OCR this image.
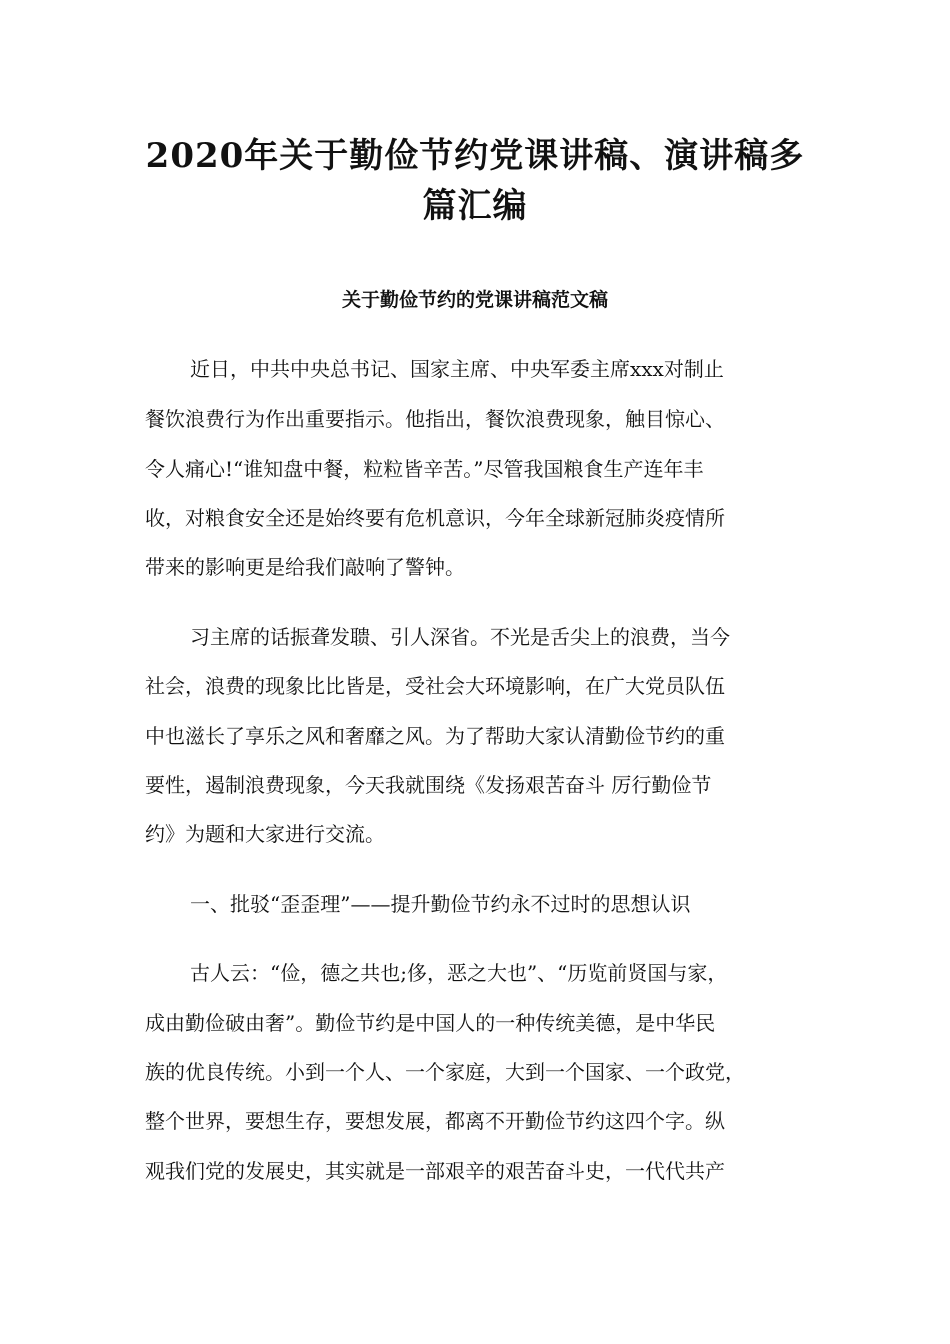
2020年关于勤俭节约党课讲稿、演讲稿多
篇汇编
关于勤俭节约的党课讲稿范文稿

近日，中共中央总书记、国家主席、中央军委主席xxx对制止

餐饮浪费行为作出重要指示。他指出，餐饮浪费现象，触目惊心、

令人痛心!“谁知盘中餐，粒粒皆辛苦。”尽管我国粮食生产连年丰

收，对粮食安全还是始终要有危机意识，今年全球新冠肺炎疫情所

带来的影响更是给我们敲响了警钟。

习主席的话振聋发聩、引人深省。不光是舌尖上的浪费，当今

社会，浪费的现象比比皆是，受社会大环境影响，在广大党员队伍

中也滋长了享乐之风和奢靡之风。为了帮助大家认清勤俭节约的重

要性，遏制浪费现象，今天我就围绕《发扬艰苦奋斗 厉行勤俭节

约》为题和大家进行交流。

一、批驳“歪歪理”——提升勤俭节约永不过时的思想认识

古人云：“俭，德之共也;侈，恶之大也”、“历览前贤国与家，

成由勤俭破由奢”。勤俭节约是中国人的一种传统美德，是中华民

族的优良传统。小到一个人、一个家庭，大到一个国家、一个政党，

整个世界，要想生存，要想发展，都离不开勤俭节约这四个字。纵

观我们党的发展史，其实就是一部艰辛的艰苦奋斗史，一代代共产
